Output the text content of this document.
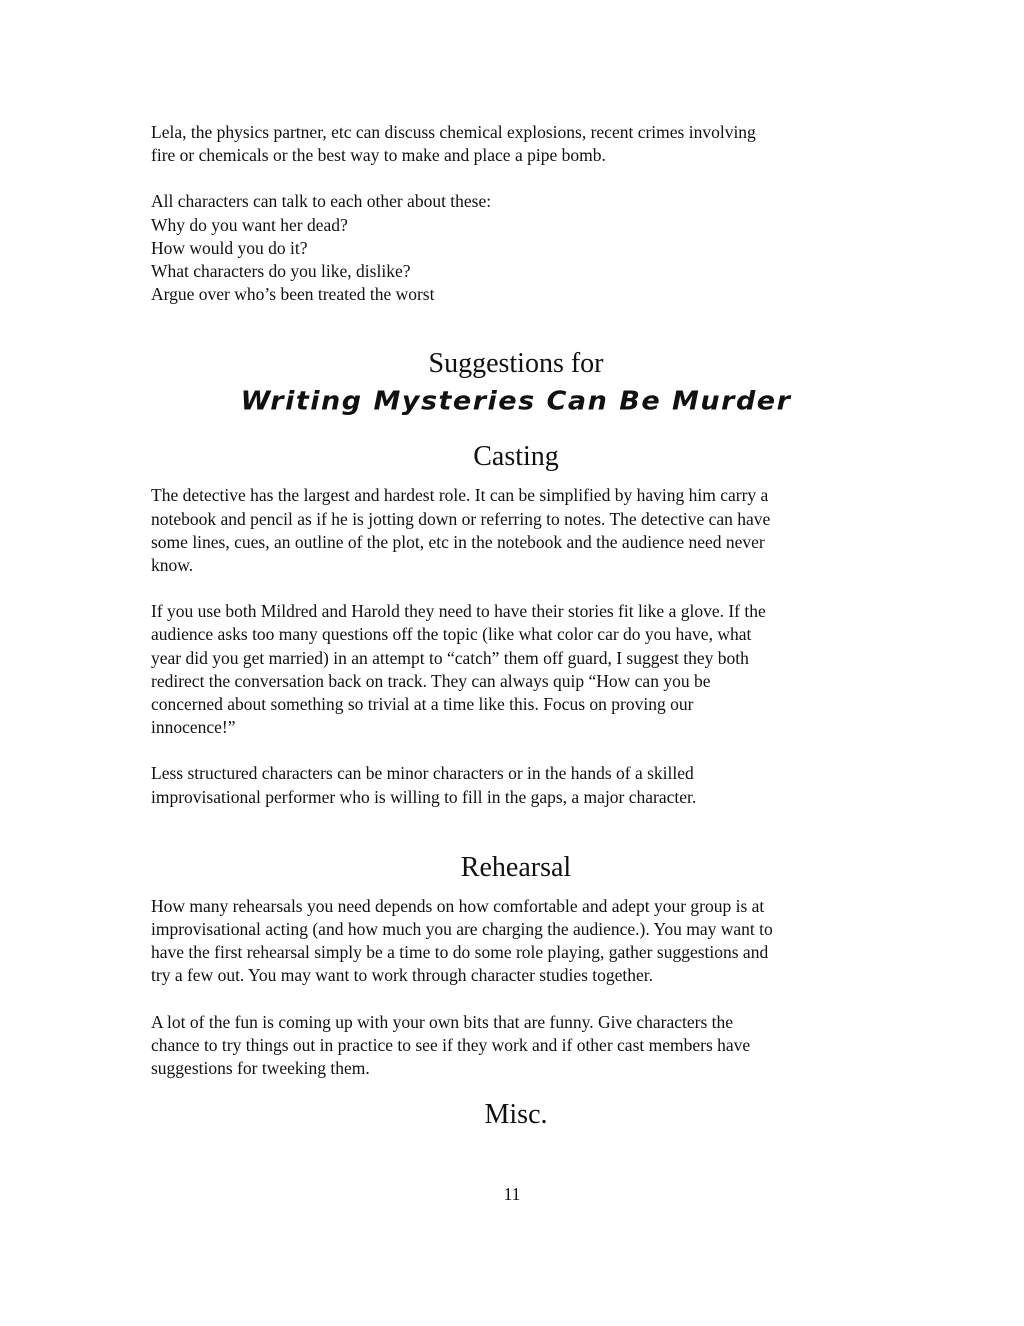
Lela, the physics partner, etc can discuss chemical explosions, recent crimes involving
fire or chemicals or the best way to make and place a pipe bomb.

All characters can talk to each other about these:

Why do you want her dead?

How would you do it?

What characters do you like, dislike?

Argue over who’s been treated the worst

Suggestions for
Writing Mysteries Can Be Murder
Casting

The detective has the largest and hardest role. It can be simplified by having him carry a
notebook and pencil as if he is jotting down or referring to notes. The detective can have
some lines, cues, an outline of the plot, etc in the notebook and the audience need never
know.

If you use both Mildred and Harold they need to have their stories fit like a glove. If the
audience asks too many questions off the topic (like what color car do you have, what
year did you get married) in an attempt to “catch” them off guard, I suggest they both
redirect the conversation back on track. They can always quip “How can you be
concerned about something so trivial at a time like this. Focus on proving our
innocence!”

Less structured characters can be minor characters or in the hands of a skilled
improvisational performer who is willing to fill in the gaps, a major character.

Rehearsal

How many rehearsals you need depends on how comfortable and adept your group is at
improvisational acting (and how much you are charging the audience.). You may want to
have the first rehearsal simply be a time to do some role playing, gather suggestions and
try a few out. You may want to work through character studies together.

A lot of the fun is coming up with your own bits that are funny. Give characters the
chance to try things out in practice to see if they work and if other cast members have
suggestions for tweeking them.

Misc.
11
